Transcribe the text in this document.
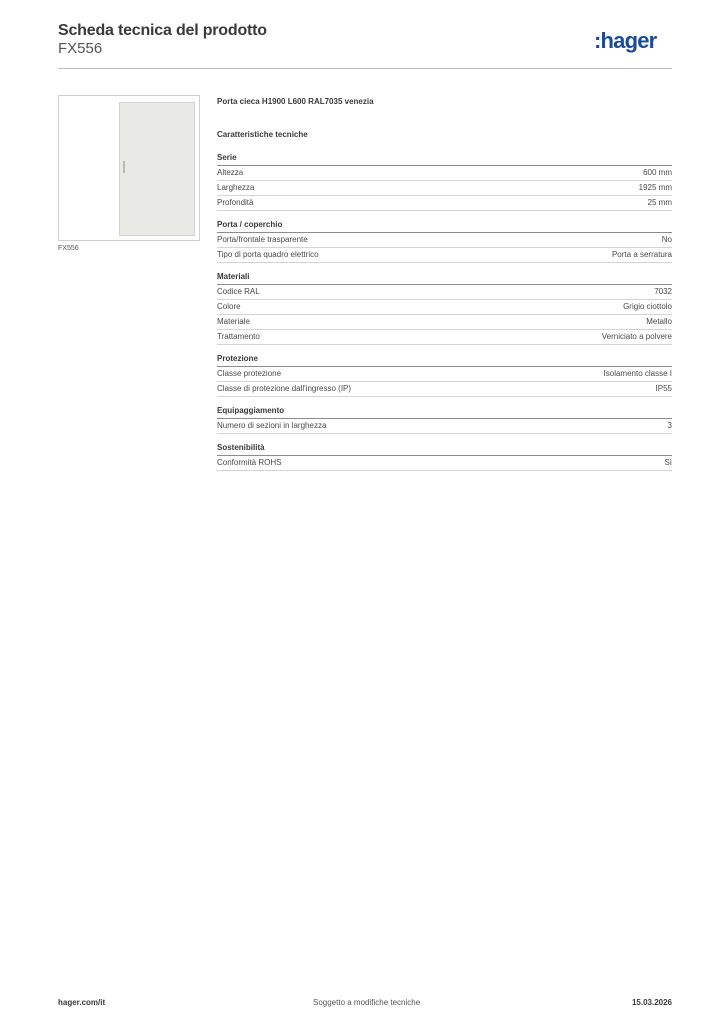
Scheda tecnica del prodotto
FX556	:hager
FX556
Porta cieca H1900 L600 RAL7035 venezia
Caratteristiche tecniche
Serie
Altezza	600 mm
Larghezza	1925 mm
Profondità	25 mm
Porta / coperchio
Porta/frontale trasparente	No
Tipo di porta quadro elettrico	Porta a serratura
Materiali
Codice RAL	7032
Colore	Grigio ciottolo
Materiale	Metallo
Trattamento	Verniciato a polvere
Protezione
Classe protezione	Isolamento classe I
Classe di protezione dall'ingresso (IP)	IP55
Equipaggiamento
Numero di sezioni in larghezza	3
Sostenibilità
Conformità ROHS	Sì
hager.com/it	Soggetto a modifiche tecniche	15.03.2026
